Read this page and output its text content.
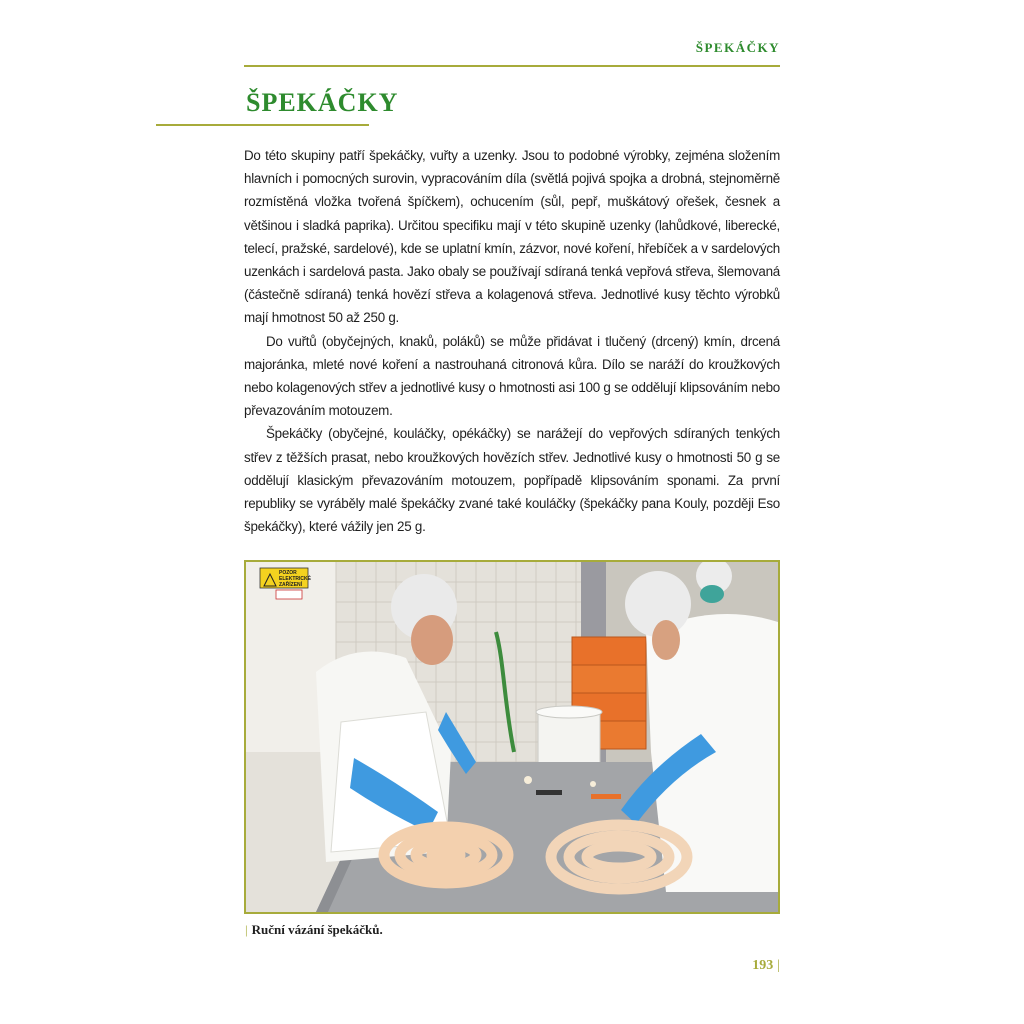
ŠPEKÁČKY
ŠPEKÁČKY

Do této skupiny patří špekáčky, vuřty a uzenky. Jsou to podobné výrobky, zejména složením hlavních i pomocných surovin, vypracováním díla (světlá pojivá spojka a drobná, stejnoměrně rozmístěná vložka tvořená špíčkem), ochucením (sůl, pepř, muškátový ořešek, česnek a většinou i sladká paprika). Určitou specifiku mají v této skupině uzenky (lahůdkové, liberecké, telecí, pražské, sardelové), kde se uplatní kmín, zázvor, nové koření, hřebíček a v sardelových uzenkách i sardelová pasta. Jako obaly se používají sdíraná tenká vepřová střeva, šlemovaná (částečně sdíraná) tenká hovězí střeva a kolagenová střeva. Jednotlivé kusy těchto výrobků mají hmotnost 50 až 250 g.

Do vuřtů (obyčejných, knaků, poláků) se může přidávat i tlučený (drcený) kmín, drcená majoránka, mleté nové koření a nastrouhaná citronová kůra. Dílo se naráží do kroužkových nebo kolagenových střev a jednotlivé kusy o hmotnosti asi 100 g se oddělují klipsováním nebo převazováním motouzem.

Špekáčky (obyčejné, kouláčky, opékáčky) se narážejí do vepřových sdíraných tenkých střev z těžších prasat, nebo kroužkových hovězích střev. Jednotlivé kusy o hmotnosti 50 g se oddělují klasickým převazováním motouzem, popřípadě klipsováním sponami. Za první republiky se vyráběly malé špekáčky zvané také kouláčky (špekáčky pana Kouly, později Eso špekáčky), které vážily jen 25 g.

POZOR
ELEKTRICKÉ
ZAŘÍZENÍ
| Ruční vázání špekáčků.
193 |
